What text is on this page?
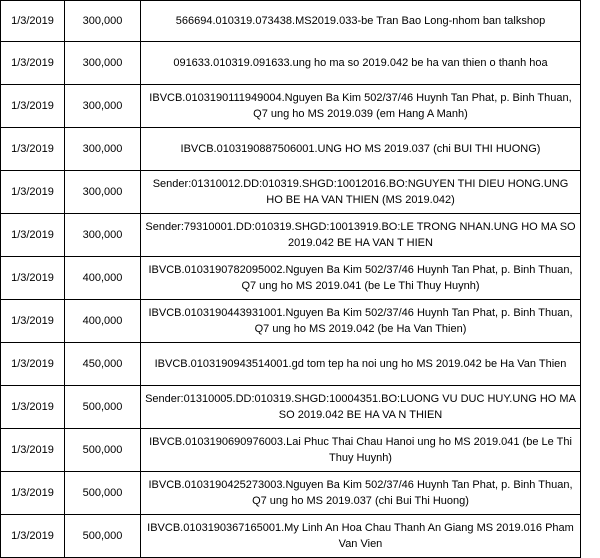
1/3/2019	300,000	566694.010319.073438.MS2019.033-be Tran Bao Long-nhom ban talkshop
1/3/2019	300,000	091633.010319.091633.ung ho ma so 2019.042 be ha van thien o thanh hoa
1/3/2019	300,000	IBVCB.0103190111949004.Nguyen Ba Kim 502/37/46 Huynh Tan Phat, p. Binh Thuan, Q7 ung ho MS 2019.039 (em Hang A Manh)
1/3/2019	300,000	IBVCB.0103190887506001.UNG HO MS 2019.037 (chi BUI THI HUONG)
1/3/2019	300,000	Sender:01310012.DD:010319.SHGD:10012016.BO:NGUYEN THI DIEU HONG.UNG HO BE HA VAN THIEN (MS 2019.042)
1/3/2019	300,000	Sender:79310001.DD:010319.SHGD:10013919.BO:LE TRONG NHAN.UNG HO MA SO 2019.042 BE HA VAN T HIEN
1/3/2019	400,000	IBVCB.0103190782095002.Nguyen Ba Kim 502/37/46 Huynh Tan Phat, p. Binh Thuan, Q7 ung ho MS 2019.041 (be Le Thi Thuy Huynh)
1/3/2019	400,000	IBVCB.0103190443931001.Nguyen Ba Kim 502/37/46 Huynh Tan Phat, p. Binh Thuan, Q7 ung ho MS 2019.042 (be Ha Van Thien)
1/3/2019	450,000	IBVCB.0103190943514001.gd tom tep ha noi ung ho MS 2019.042 be Ha Van Thien
1/3/2019	500,000	Sender:01310005.DD:010319.SHGD:10004351.BO:LUONG VU DUC HUY.UNG HO MA SO 2019.042 BE HA VA N THIEN
1/3/2019	500,000	IBVCB.0103190690976003.Lai Phuc Thai Chau Hanoi ung ho MS 2019.041 (be Le Thi Thuy Huynh)
1/3/2019	500,000	IBVCB.0103190425273003.Nguyen Ba Kim 502/37/46 Huynh Tan Phat, p. Binh Thuan, Q7 ung ho MS 2019.037 (chi Bui Thi Huong)
1/3/2019	500,000	IBVCB.0103190367165001.My Linh An Hoa Chau Thanh An Giang MS 2019.016 Pham Van Vien
